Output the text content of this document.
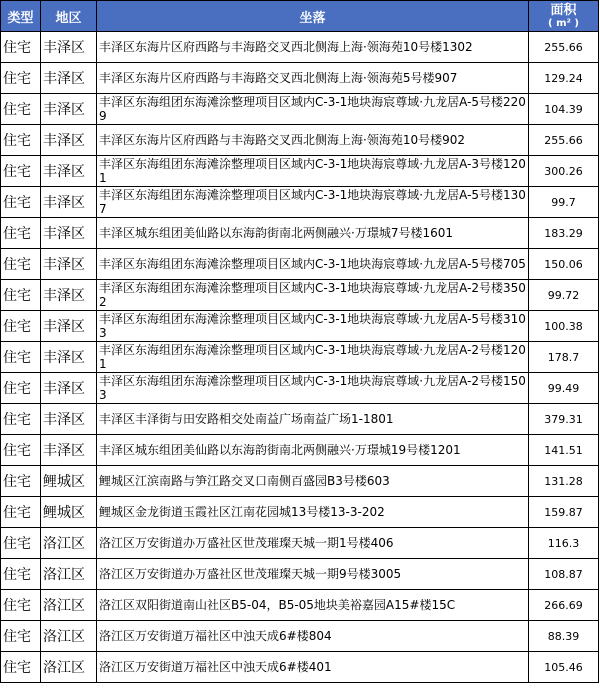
类型	地区	坐落	面积
( m² )

住宅	丰泽区	丰泽区东海片区府西路与丰海路交叉西北侧海上海·领海苑10号楼1302	255.66
住宅	丰泽区	丰泽区东海片区府西路与丰海路交叉西北侧海上海·领海苑5号楼907	129.24
住宅	丰泽区	丰泽区东海组团东海滩涂整理项目区域内C-3-1地块海宸尊域·九龙居A-5号楼2209	104.39
住宅	丰泽区	丰泽区东海片区府西路与丰海路交叉西北侧海上海·领海苑10号楼902	255.66
住宅	丰泽区	丰泽区东海组团东海滩涂整理项目区域内C-3-1地块海宸尊域·九龙居A-3号楼1201	300.26
住宅	丰泽区	丰泽区东海组团东海滩涂整理项目区域内C-3-1地块海宸尊域·九龙居A-5号楼1307	99.7
住宅	丰泽区	丰泽区城东组团美仙路以东海韵街南北两侧融兴·万璟城7号楼1601	183.29
住宅	丰泽区	丰泽区东海组团东海滩涂整理项目区域内C-3-1地块海宸尊域·九龙居A-5号楼705	150.06
住宅	丰泽区	丰泽区东海组团东海滩涂整理项目区域内C-3-1地块海宸尊域·九龙居A-2号楼3502	99.72
住宅	丰泽区	丰泽区东海组团东海滩涂整理项目区域内C-3-1地块海宸尊域·九龙居A-5号楼3103	100.38
住宅	丰泽区	丰泽区东海组团东海滩涂整理项目区域内C-3-1地块海宸尊域·九龙居A-2号楼1201	178.7
住宅	丰泽区	丰泽区东海组团东海滩涂整理项目区域内C-3-1地块海宸尊域·九龙居A-2号楼1503	99.49
住宅	丰泽区	丰泽区丰泽街与田安路相交处南益广场南益广场1-1801	379.31
住宅	丰泽区	丰泽区城东组团美仙路以东海韵街南北两侧融兴·万璟城19号楼1201	141.51
住宅	鲤城区	鲤城区江滨南路与笋江路交叉口南侧百盛园B3号楼603	131.28
住宅	鲤城区	鲤城区金龙街道玉霞社区江南花园城13号楼13-3-202	159.87
住宅	洛江区	洛江区万安街道办万盛社区世茂璀璨天城一期1号楼406	116.3
住宅	洛江区	洛江区万安街道办万盛社区世茂璀璨天城一期9号楼3005	108.87
住宅	洛江区	洛江区双阳街道南山社区B5-04，B5-05地块美裕嘉园A15#楼15C	266.69
住宅	洛江区	洛江区万安街道万福社区中浊天成6#楼804	88.39
住宅	洛江区	洛江区万安街道万福社区中浊天成6#楼401	105.46
